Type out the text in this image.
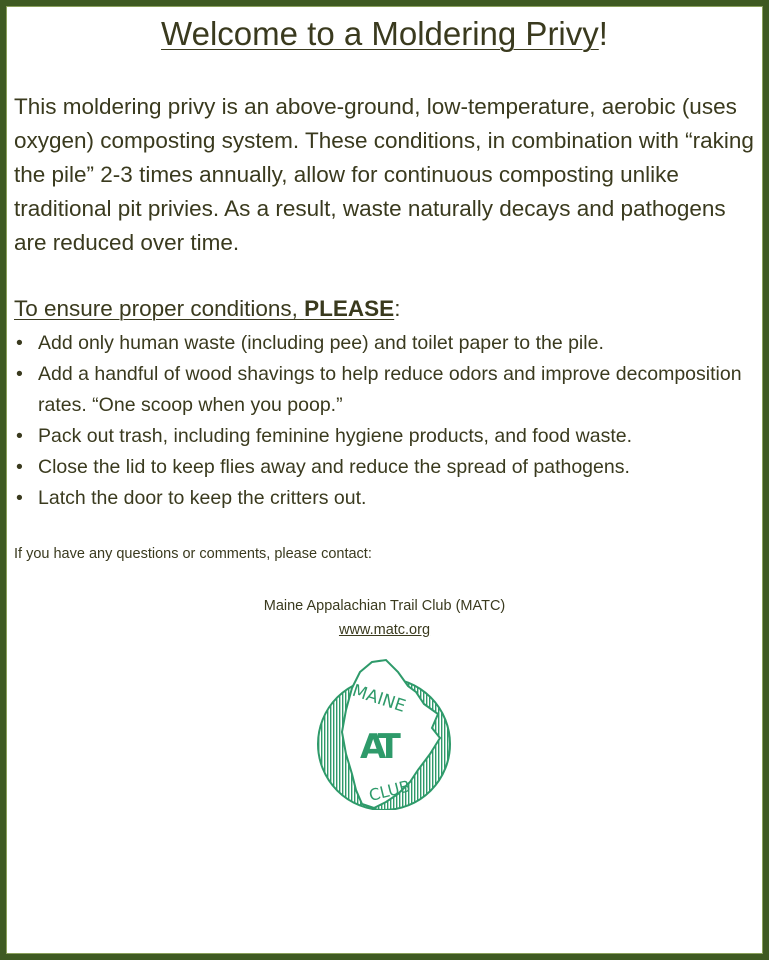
Welcome to a Moldering Privy!

This moldering privy is an above-ground, low-temperature, aerobic (uses oxygen) composting system. These conditions, in combination with “raking the pile” 2-3 times annually, allow for continuous composting unlike traditional pit privies. As a result, waste naturally decays and pathogens are reduced over time.

To ensure proper conditions, PLEASE:

• Add only human waste (including pee) and toilet paper to the pile.
• Add a handful of wood shavings to help reduce odors and improve decomposition rates. “One scoop when you poop.”
• Pack out trash, including feminine hygiene products, and food waste.
• Close the lid to keep flies away and reduce the spread of pathogens.
• Latch the door to keep the critters out.

If you have any questions or comments, please contact:

Maine Appalachian Trail Club (MATC)
www.matc.org
MAINE
AT
CLUB
